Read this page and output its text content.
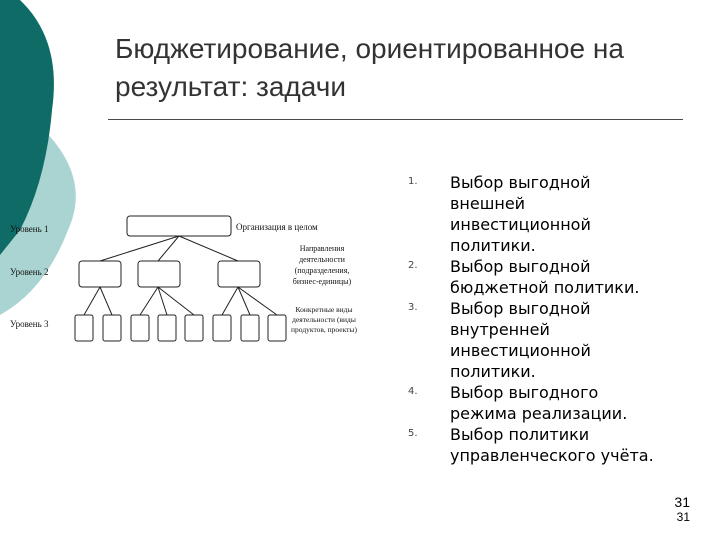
Бюджетирование, ориентированное на результат: задачи
Уровень 1
Уровень 2
Уровень 3
Организация в целом
Направления деятельности (подразделения, бизнес-единицы)
Конкретные виды деятельности (виды продуктов, проекты)
1.	Выбор выгодной внешней инвестиционной политики.
2.	Выбор выгодной бюджетной политики.
3.	Выбор выгодной внутренней инвестиционной политики.
4.	Выбор выгодного режима реализации.
5.	Выбор политики управленческого учёта.
31
31
